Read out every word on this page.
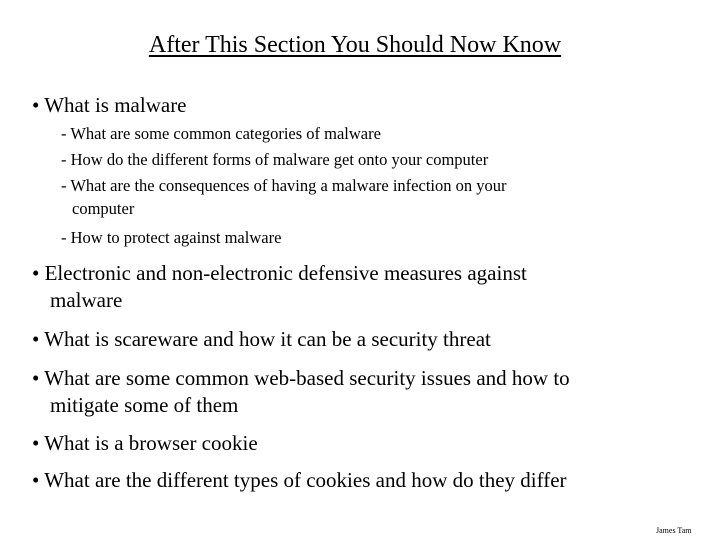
After This Section You Should Now Know
• What is malware
- What are some common categories of malware
- How do the different forms of malware get onto your computer
- What are the consequences of having a malware infection on your
computer
- How to protect against malware
• Electronic and non-electronic defensive measures against
malware
• What is scareware and how it can be a security threat
• What are some common web-based security issues and how to
mitigate some of them
• What is a browser cookie
• What are the different types of cookies and how do they differ
James Tam
